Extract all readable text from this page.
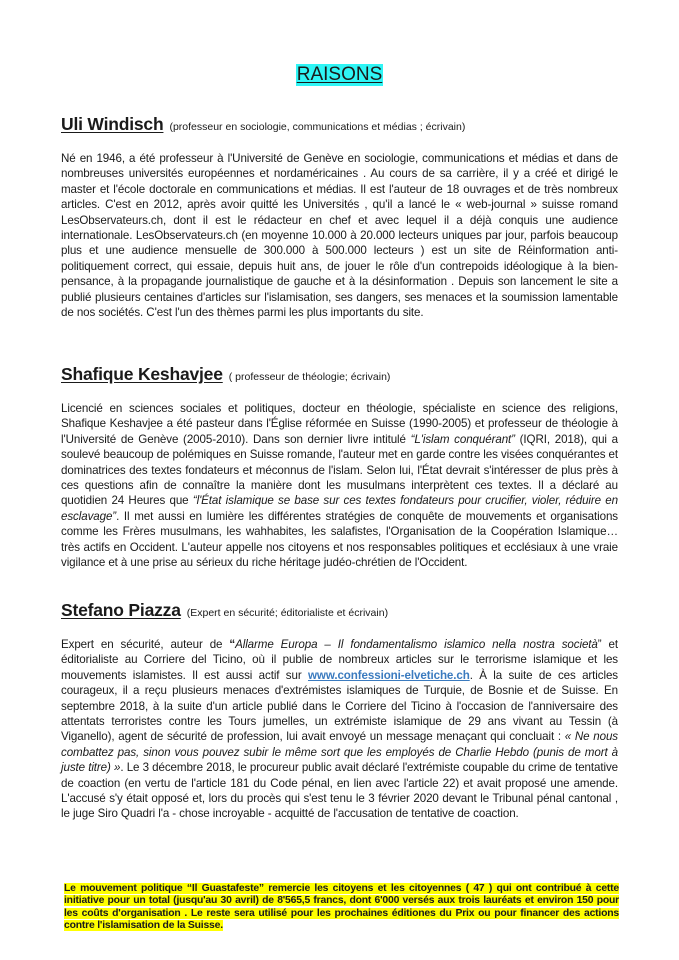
RAISONS
Uli Windisch (professeur en sociologie, communications et médias ; écrivain)
Né en 1946, a été professeur à l'Université de Genève en sociologie, communications et médias et dans de nombreuses universités européennes et nordaméricaines . Au cours de sa carrière, il y a créé et dirigé le master et l'école doctorale en communications et médias. Il est l'auteur de 18 ouvrages et de très nombreux articles. C'est en 2012, après avoir quitté les Universités , qu'il a lancé le « web-journal » suisse romand LesObservateurs.ch, dont il est le rédacteur en chef et avec lequel il a déjà conquis une audience internationale. LesObservateurs.ch (en moyenne 10.000 à 20.000 lecteurs uniques par jour, parfois beaucoup plus et une audience mensuelle de 300.000 à 500.000 lecteurs ) est un site de Réinformation anti-politiquement correct, qui essaie, depuis huit ans, de jouer le rôle d'un contrepoids idéologique à la bien-pensance, à la propagande journalistique de gauche et à la désinformation . Depuis son lancement le site a publié plusieurs centaines d'articles sur l'islamisation, ses dangers, ses menaces et la soumission lamentable de nos sociétés. C'est l'un des thèmes parmi les plus importants du site.
Shafique Keshavjee ( professeur de théologie; écrivain)
Licencié en sciences sociales et politiques, docteur en théologie, spécialiste en science des religions, Shafique Keshavjee a été pasteur dans l'Église réformée en Suisse (1990-2005) et professeur de théologie à l'Université de Genève (2005-2010). Dans son dernier livre intitulé “L'islam conquérant” (IQRI, 2018), qui a soulevé beaucoup de polémiques en Suisse romande, l'auteur met en garde contre les visées conquérantes et dominatrices des textes fondateurs et méconnus de l'islam. Selon lui, l'État devrait s'intéresser de plus près à ces questions afin de connaître la manière dont les musulmans interprètent ces textes. Il a déclaré au quotidien 24 Heures que “l'État islamique se base sur ces textes fondateurs pour crucifier, violer, réduire en esclavage”. Il met aussi en lumière les différentes stratégies de conquête de mouvements et organisations comme les Frères musulmans, les wahhabites, les salafistes, l'Organisation de la Coopération Islamique… très actifs en Occident. L'auteur appelle nos citoyens et nos responsables politiques et ecclésiaux à une vraie vigilance et à une prise au sérieux du riche héritage judéo-chrétien de l'Occident.
Stefano Piazza (Expert en sécurité; éditorialiste et écrivain)
Expert en sécurité, auteur de “Allarme Europa – Il fondamentalismo islamico nella nostra società” et éditorialiste au Corriere del Ticino, où il publie de nombreux articles sur le terrorisme islamique et les mouvements islamistes. Il est aussi actif sur www.confessioni-elvetiche.ch. À la suite de ces articles courageux, il a reçu plusieurs menaces d'extrémistes islamiques de Turquie, de Bosnie et de Suisse. En septembre 2018, à la suite d'un article publié dans le Corriere del Ticino à l'occasion de l'anniversaire des attentats terroristes contre les Tours jumelles, un extrémiste islamique de 29 ans vivant au Tessin (à Viganello), agent de sécurité de profession, lui avait envoyé un message menaçant qui concluait : « Ne nous combattez pas, sinon vous pouvez subir le même sort que les employés de Charlie Hebdo (punis de mort à juste titre) ». Le 3 décembre 2018, le procureur public avait déclaré l'extrémiste coupable du crime de tentative de coaction (en vertu de l'article 181 du Code pénal, en lien avec l'article 22) et avait proposé une amende. L'accusé s'y était opposé et, lors du procès qui s'est tenu le 3 février 2020 devant le Tribunal pénal cantonal , le juge Siro Quadri l'a - chose incroyable - acquitté de l'accusation de tentative de coaction.
Le mouvement politique “Il Guastafeste” remercie les citoyens et les citoyennes ( 47 ) qui ont contribué à cette initiative pour un total (jusqu'au 30 avril) de 8'565,5 francs, dont 6'000 versés aux trois lauréats et environ 150 pour les coûts d'organisation . Le reste sera utilisé pour les prochaines éditiones du Prix ou pour financer des actions contre l'islamisation de la Suisse.
